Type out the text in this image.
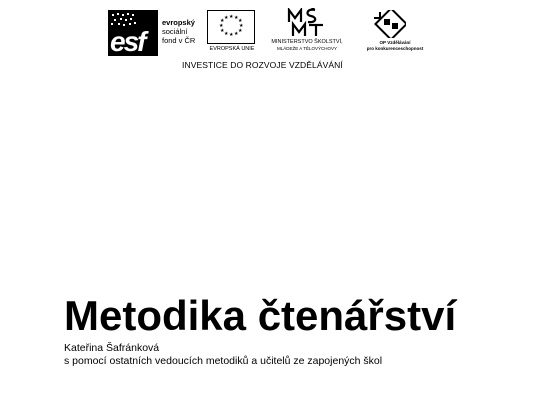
esf
evropský
sociální
fond v ČR
★ ★ ★
★
★
★
★
★
★
★
★ ★
EVROPSKÁ UNIE
MŠMT
MINISTERSTVO ŠKOLSTVÍ,
MLÁDEŽE A TĚLOVÝCHOVY
OP Vzdělávání
pro konkurenceschopnost
INVESTICE DO ROZVOJE VZDĚLÁVÁNÍ
Metodika čtenářství
Kateřina Šafránková
s pomocí ostatních vedoucích metodiků a učitelů ze zapojených škol
